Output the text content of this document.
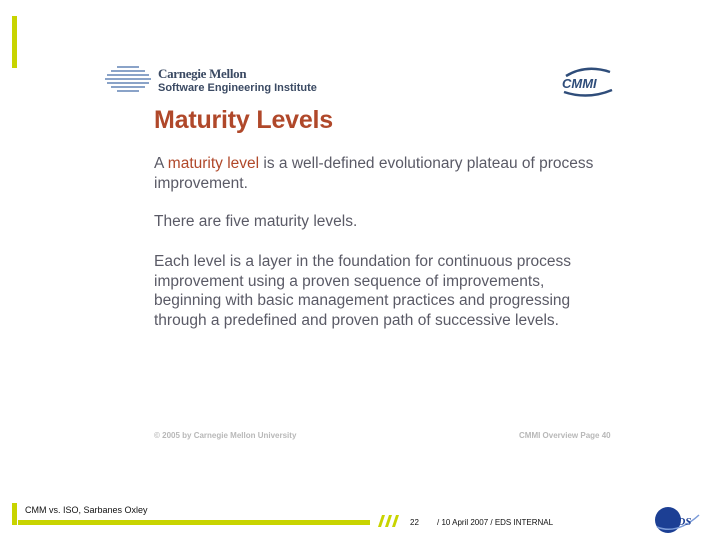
Carnegie Mellon
Software Engineering Institute	CMMI
Maturity Levels

A maturity level is a well-defined evolutionary plateau of process improvement.

There are five maturity levels.

Each level is a layer in the foundation for continuous process improvement using a proven sequence of improvements, beginning with basic management practices and progressing through a predefined and proven path of successive levels.

© 2005 by Carnegie Mellon University	CMMI Overview Page 40
CMM vs. ISO, Sarbanes Oxley
22 / 10 April 2007 / EDS INTERNAL	EDS
